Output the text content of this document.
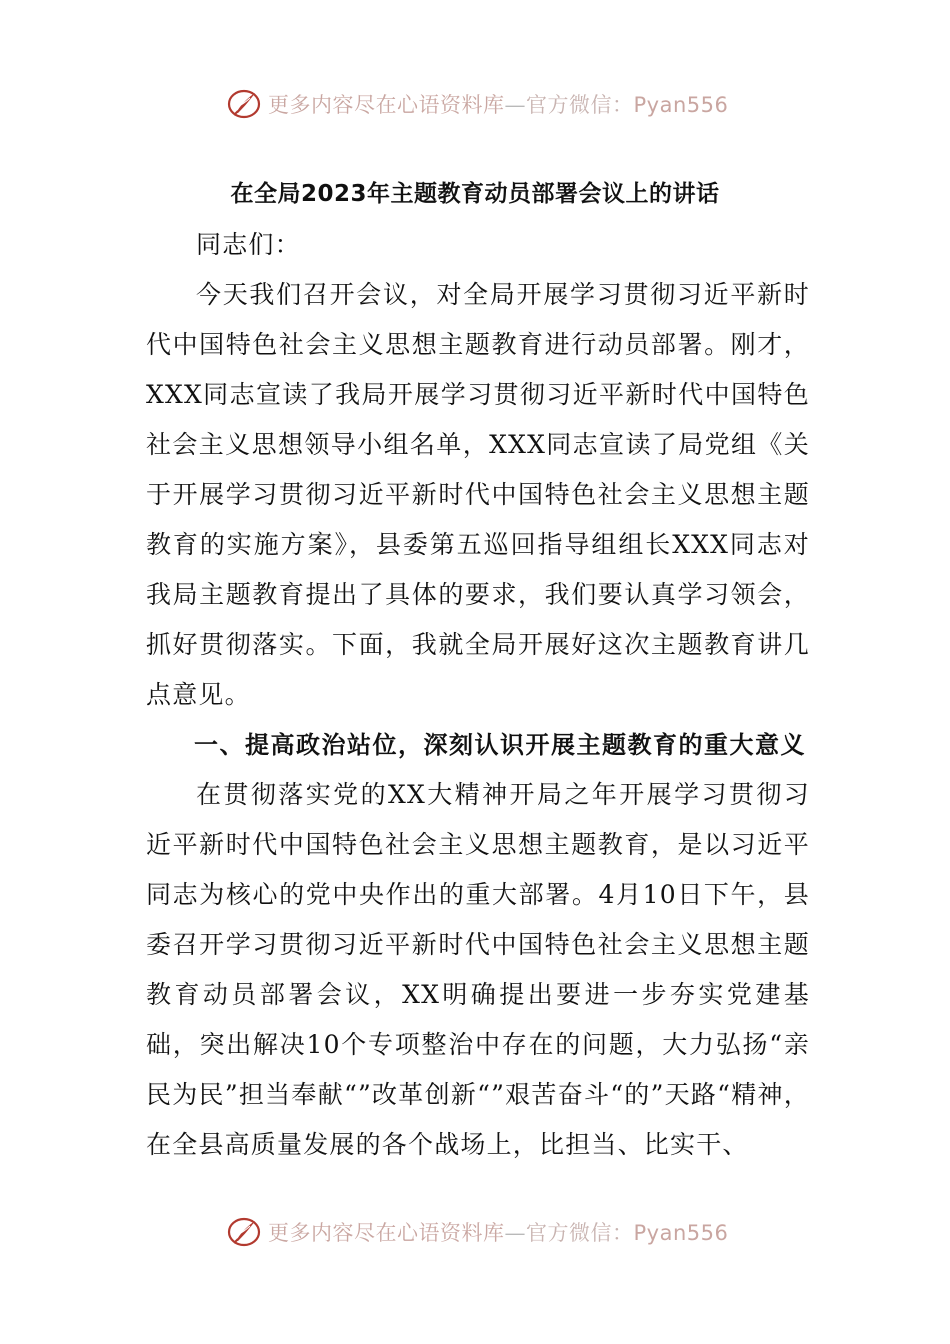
更多内容尽在心语资料库—官方微信：Pyan556
在全局2023年主题教育动员部署会议上的讲话

同志们：

今天我们召开会议，对全局开展学习贯彻习近平新时代中国特色社会主义思想主题教育进行动员部署。刚才，XXX同志宣读了我局开展学习贯彻习近平新时代中国特色社会主义思想领导小组名单，XXX同志宣读了局党组《关于开展学习贯彻习近平新时代中国特色社会主义思想主题教育的实施方案》，县委第五巡回指导组组长XXX同志对我局主题教育提出了具体的要求，我们要认真学习领会，抓好贯彻落实。下面，我就全局开展好这次主题教育讲几点意见。

一、提高政治站位，深刻认识开展主题教育的重大意义

在贯彻落实党的XX大精神开局之年开展学习贯彻习近平新时代中国特色社会主义思想主题教育，是以习近平同志为核心的党中央作出的重大部署。4月10日下午，县委召开学习贯彻习近平新时代中国特色社会主义思想主题教育动员部署会议，XX明确提出要进一步夯实党建基础，突出解决10个专项整治中存在的问题，大力弘扬“亲民为民”担当奉献“”改革创新“”艰苦奋斗“的”天路“精神，在全县高质量发展的各个战场上，比担当、比实干、

更多内容尽在心语资料库—官方微信：Pyan556
